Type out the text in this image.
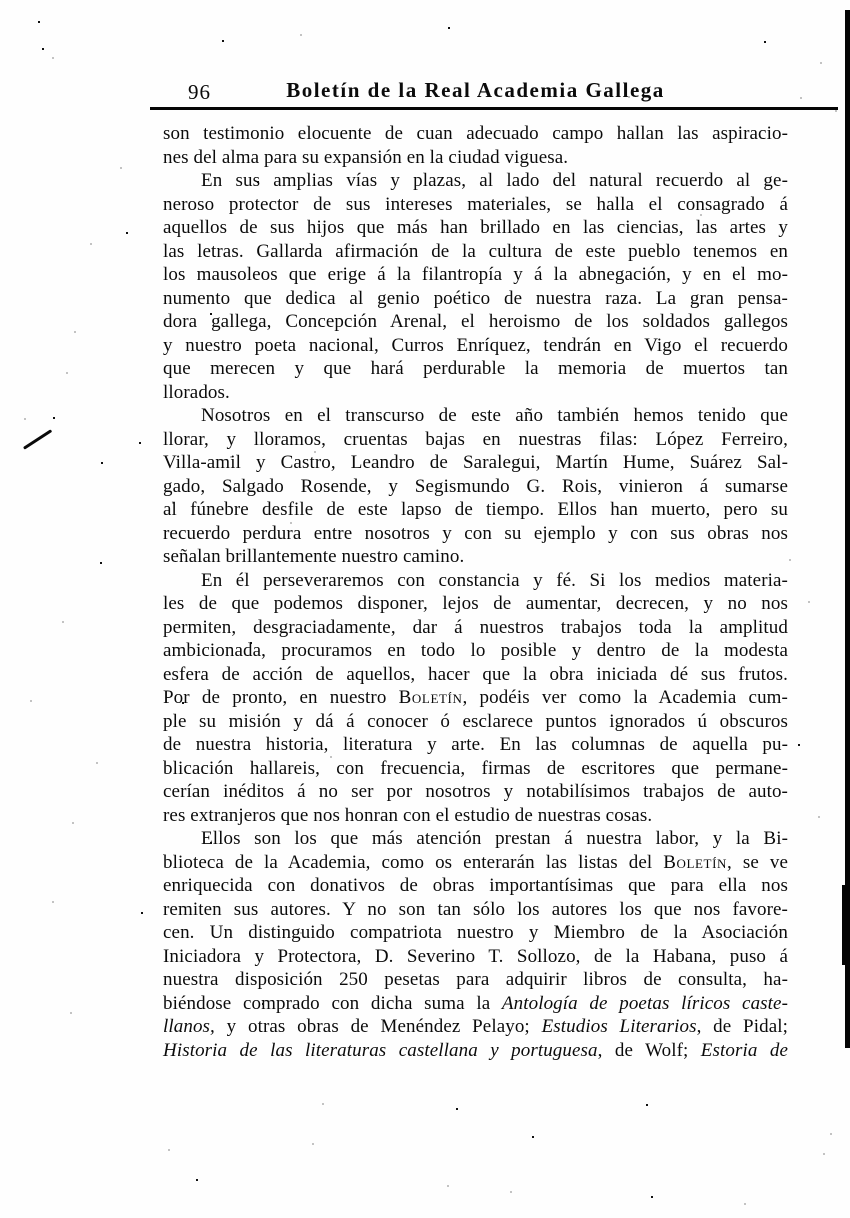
96	Boletín de la Real Academia Gallega
son testimonio elocuente de cuan adecuado campo hallan las aspiracio-
nes del alma para su expansión en la ciudad viguesa.
En sus amplias vías y plazas, al lado del natural recuerdo al ge-
neroso protector de sus intereses materiales, se halla el consagrado á
aquellos de sus hijos que más han brillado en las ciencias, las artes y
las letras. Gallarda afirmación de la cultura de este pueblo tenemos en
los mausoleos que erige á la filantropía y á la abnegación, y en el mo-
numento que dedica al genio poético de nuestra raza. La gran pensa-
dora gallega, Concepción Arenal, el heroismo de los soldados gallegos
y nuestro poeta nacional, Curros Enríquez, tendrán en Vigo el recuerdo
que merecen y que hará perdurable la memoria de muertos tan
llorados.
Nosotros en el transcurso de este año también hemos tenido que
llorar, y lloramos, cruentas bajas en nuestras filas: López Ferreiro,
Villa-amil y Castro, Leandro de Saralegui, Martín Hume, Suárez Sal-
gado, Salgado Rosende, y Segismundo G. Rois, vinieron á sumarse
al fúnebre desfile de este lapso de tiempo. Ellos han muerto, pero su
recuerdo perdura entre nosotros y con su ejemplo y con sus obras nos
señalan brillantemente nuestro camino.
En él perseveraremos con constancia y fé. Si los medios materia-
les de que podemos disponer, lejos de aumentar, decrecen, y no nos
permiten, desgraciadamente, dar á nuestros trabajos toda la amplitud
ambicionada, procuramos en todo lo posible y dentro de la modesta
esfera de acción de aquellos, hacer que la obra iniciada dé sus frutos.
Por de pronto, en nuestro Boletín, podéis ver como la Academia cum-
ple su misión y dá á conocer ó esclarece puntos ignorados ú obscuros
de nuestra historia, literatura y arte. En las columnas de aquella pu-
blicación hallareis, con frecuencia, firmas de escritores que permane-
cerían inéditos á no ser por nosotros y notabilísimos trabajos de auto-
res extranjeros que nos honran con el estudio de nuestras cosas.
Ellos son los que más atención prestan á nuestra labor, y la Bi-
blioteca de la Academia, como os enterarán las listas del Boletín, se ve
enriquecida con donativos de obras importantísimas que para ella nos
remiten sus autores. Y no son tan sólo los autores los que nos favore-
cen. Un distinguido compatriota nuestro y Miembro de la Asociación
Iniciadora y Protectora, D. Severino T. Sollozo, de la Habana, puso á
nuestra disposición 250 pesetas para adquirir libros de consulta, ha-
biéndose comprado con dicha suma la Antología de poetas líricos caste-
llanos, y otras obras de Menéndez Pelayo; Estudios Literarios, de Pidal;
Historia de las literaturas castellana y portuguesa, de Wolf; Estoria de
